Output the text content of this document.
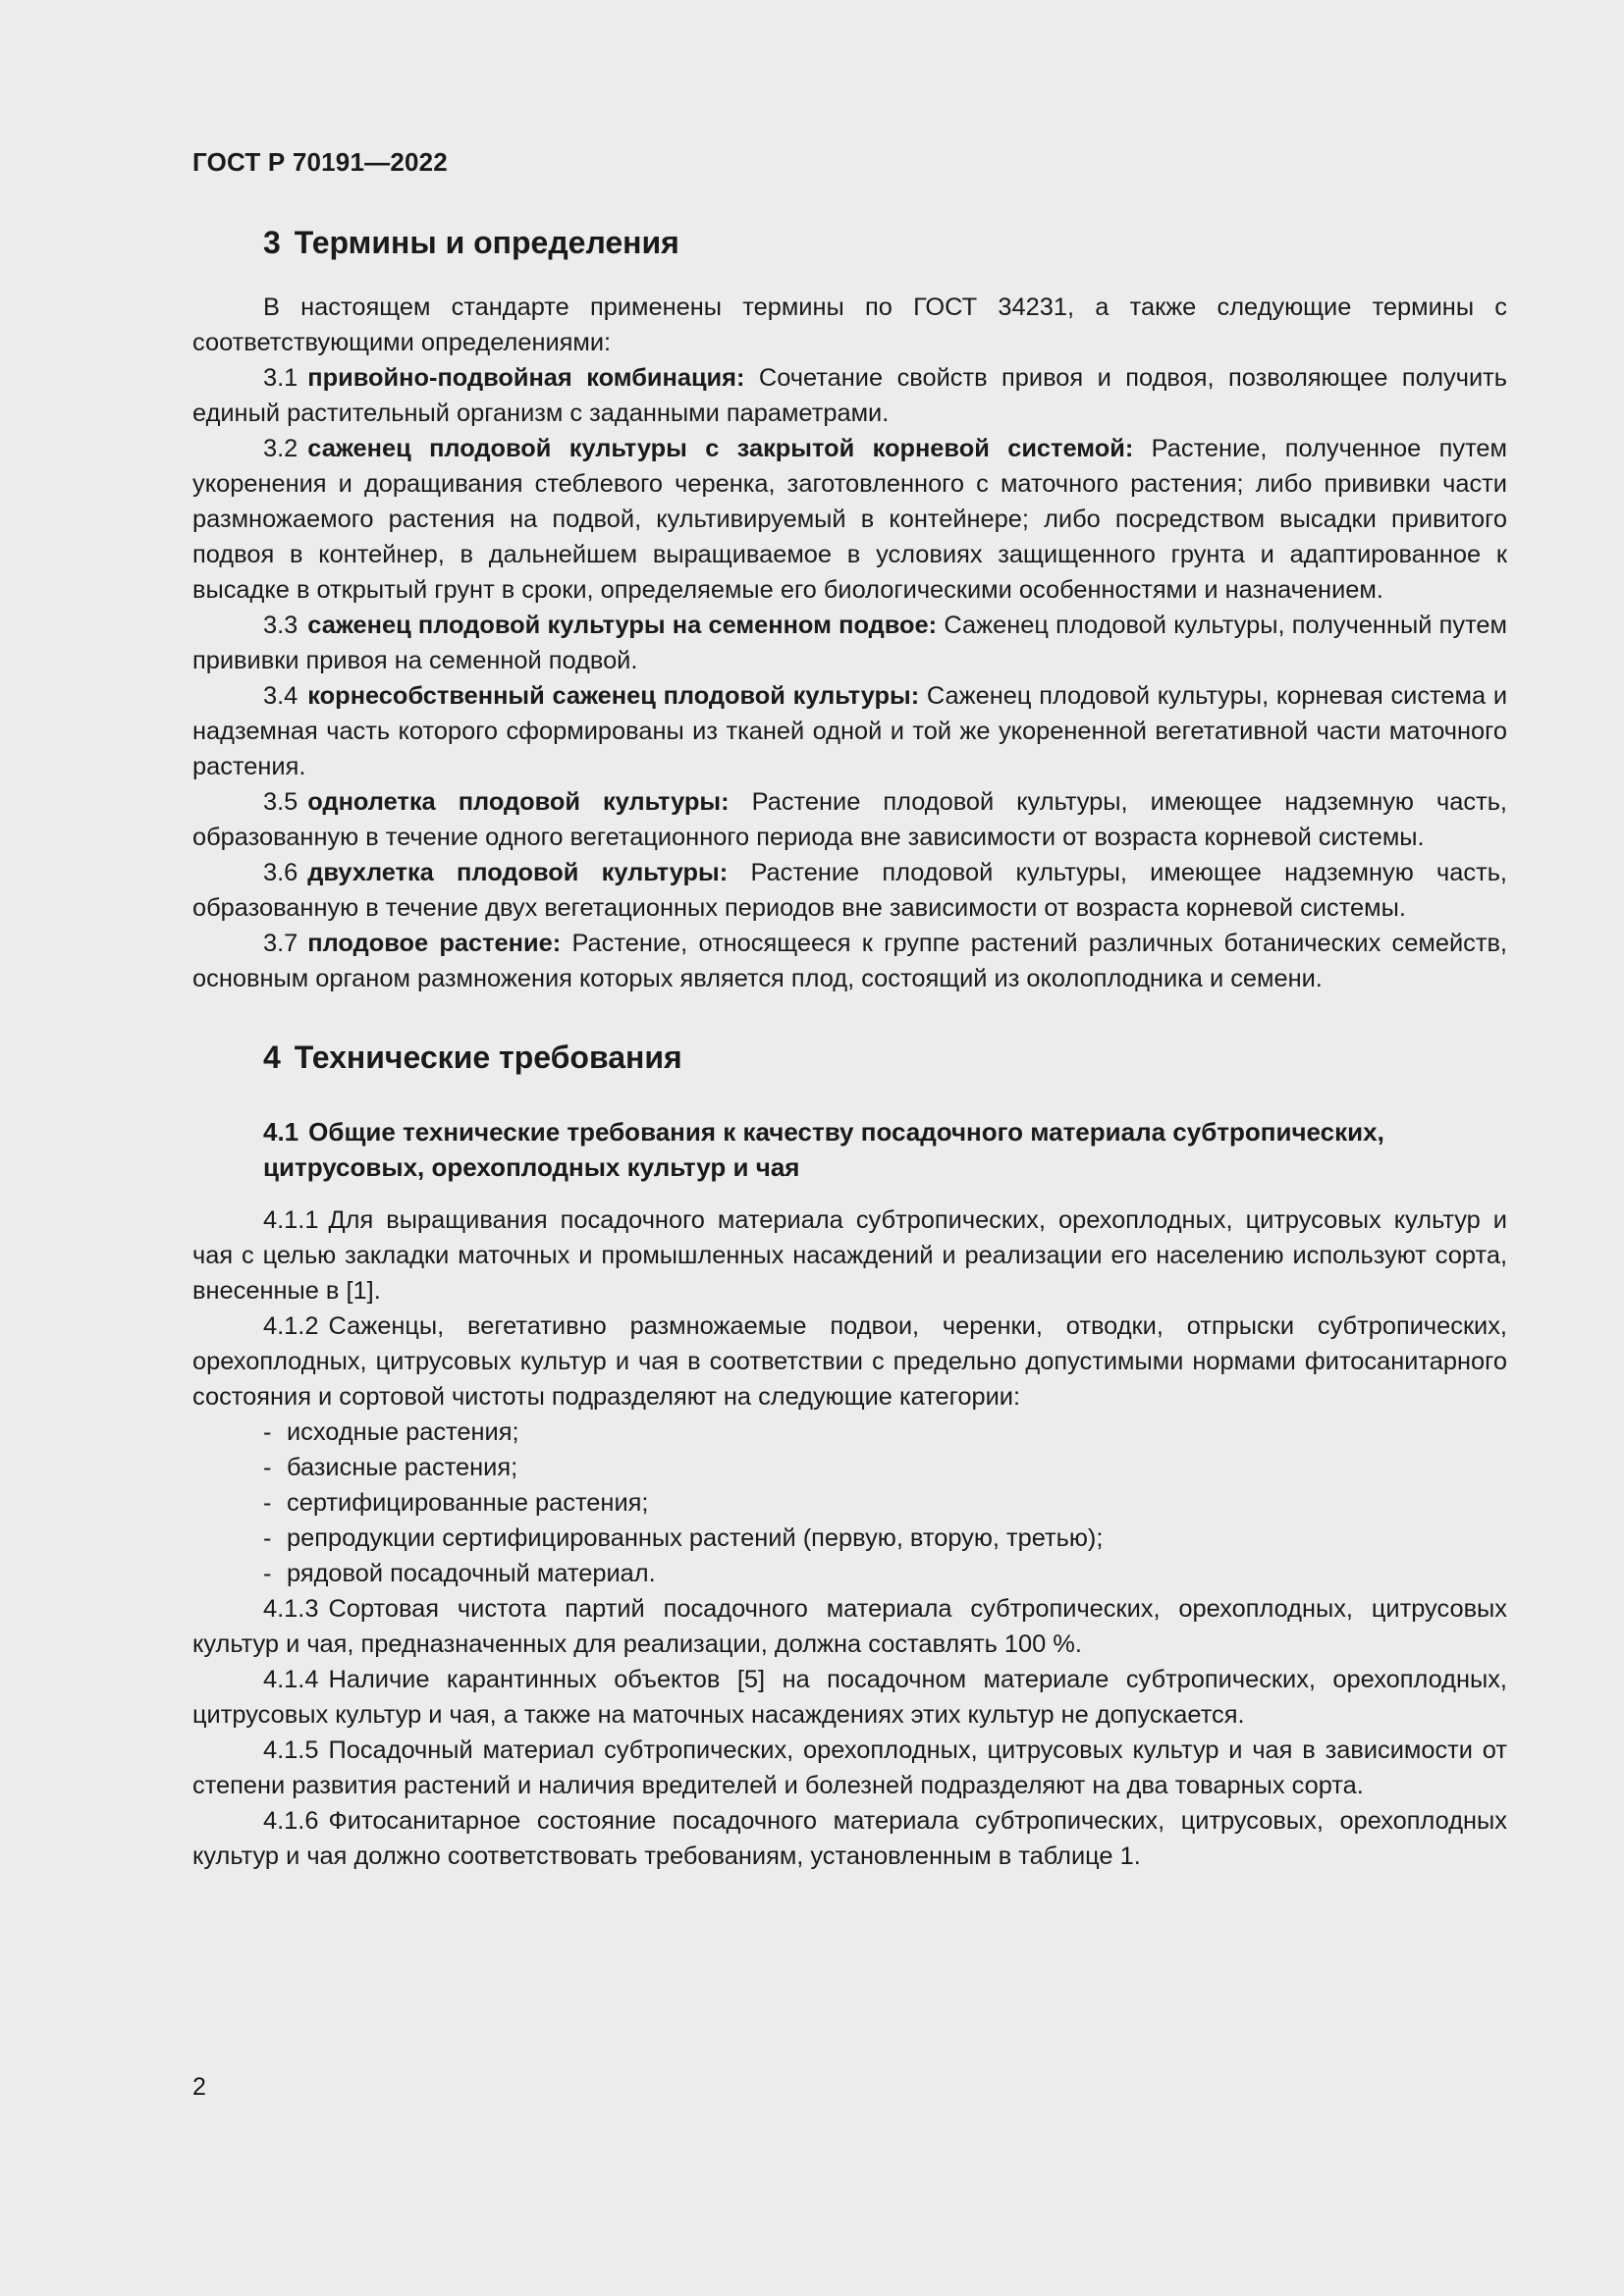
ГОСТ Р 70191—2022
3 Термины и определения

В настоящем стандарте применены термины по ГОСТ 34231, а также следующие термины с соответствующими определениями:

3.1 привойно-подвойная комбинация: Сочетание свойств привоя и подвоя, позволяющее получить единый растительный организм с заданными параметрами.

3.2 саженец плодовой культуры с закрытой корневой системой: Растение, полученное путем укоренения и доращивания стеблевого черенка, заготовленного с маточного растения; либо прививки части размножаемого растения на подвой, культивируемый в контейнере; либо посредством высадки привитого подвоя в контейнер, в дальнейшем выращиваемое в условиях защищенного грунта и адаптированное к высадке в открытый грунт в сроки, определяемые его биологическими особенностями и назначением.

3.3 саженец плодовой культуры на семенном подвое: Саженец плодовой культуры, полученный путем прививки привоя на семенной подвой.

3.4 корнесобственный саженец плодовой культуры: Саженец плодовой культуры, корневая система и надземная часть которого сформированы из тканей одной и той же укорененной вегетативной части маточного растения.

3.5 однолетка плодовой культуры: Растение плодовой культуры, имеющее надземную часть, образованную в течение одного вегетационного периода вне зависимости от возраста корневой системы.

3.6 двухлетка плодовой культуры: Растение плодовой культуры, имеющее надземную часть, образованную в течение двух вегетационных периодов вне зависимости от возраста корневой системы.

3.7 плодовое растение: Растение, относящееся к группе растений различных ботанических семейств, основным органом размножения которых является плод, состоящий из околоплодника и семени.

4 Технические требования
4.1 Общие технические требования к качеству посадочного материала субтропических, цитрусовых, орехоплодных культур и чая

4.1.1 Для выращивания посадочного материала субтропических, орехоплодных, цитрусовых культур и чая с целью закладки маточных и промышленных насаждений и реализации его населению используют сорта, внесенные в [1].

4.1.2 Саженцы, вегетативно размножаемые подвои, черенки, отводки, отпрыски субтропических, орехоплодных, цитрусовых культур и чая в соответствии с предельно допустимыми нормами фитосанитарного состояния и сортовой чистоты подразделяют на следующие категории:

- исходные растения;
- базисные растения;
- сертифицированные растения;
- репродукции сертифицированных растений (первую, вторую, третью);
- рядовой посадочный материал.

4.1.3 Сортовая чистота партий посадочного материала субтропических, орехоплодных, цитрусовых культур и чая, предназначенных для реализации, должна составлять 100 %.

4.1.4 Наличие карантинных объектов [5] на посадочном материале субтропических, орехоплодных, цитрусовых культур и чая, а также на маточных насаждениях этих культур не допускается.

4.1.5 Посадочный материал субтропических, орехоплодных, цитрусовых культур и чая в зависимости от степени развития растений и наличия вредителей и болезней подразделяют на два товарных сорта.

4.1.6 Фитосанитарное состояние посадочного материала субтропических, цитрусовых, орехоплодных культур и чая должно соответствовать требованиям, установленным в таблице 1.

2
